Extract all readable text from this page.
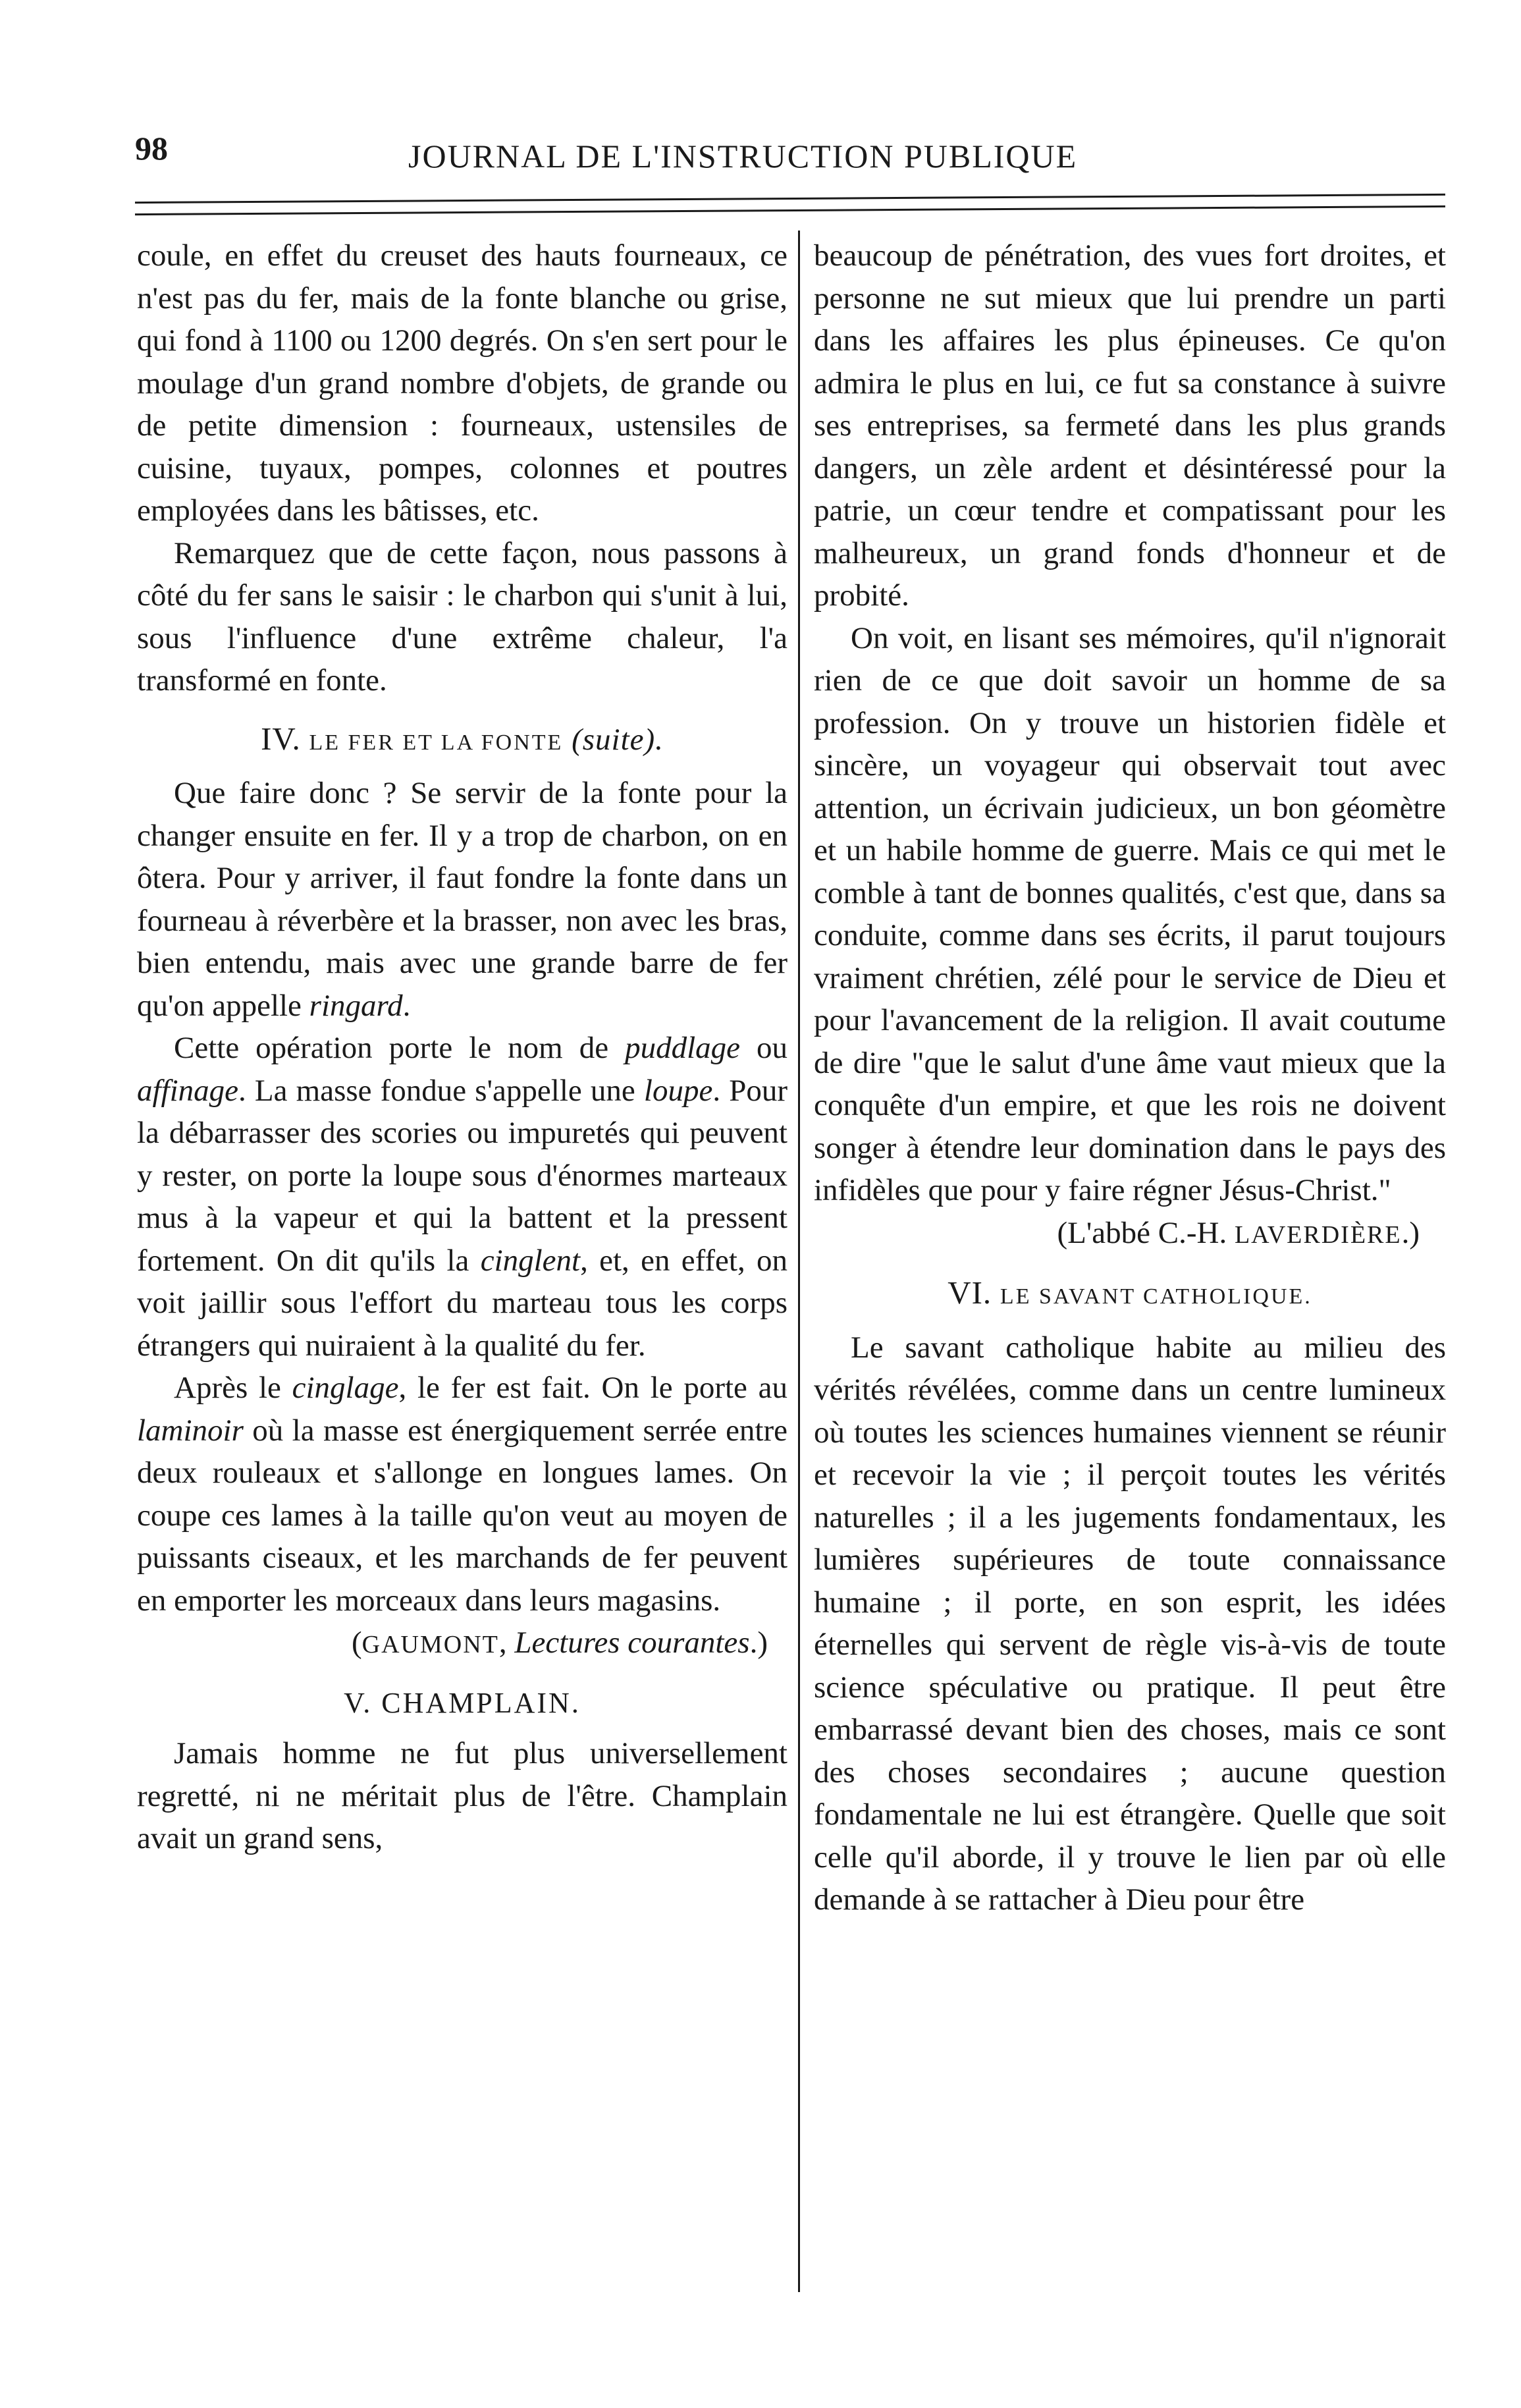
98	JOURNAL DE L'INSTRUCTION PUBLIQUE

coule, en effet du creuset des hauts fourneaux, ce n'est pas du fer, mais de la fonte blanche ou grise, qui fond à 1100 ou 1200 degrés. On s'en sert pour le moulage d'un grand nombre d'objets, de grande ou de petite dimension : fourneaux, ustensiles de cuisine, tuyaux, pompes, colonnes et poutres employées dans les bâtisses, etc.

Remarquez que de cette façon, nous passons à côté du fer sans le saisir : le charbon qui s'unit à lui, sous l'influence d'une extrême chaleur, l'a transformé en fonte.

IV. LE FER ET LA FONTE (suite).

Que faire donc ? Se servir de la fonte pour la changer ensuite en fer. Il y a trop de charbon, on en ôtera. Pour y arriver, il faut fondre la fonte dans un fourneau à réverbère et la brasser, non avec les bras, bien entendu, mais avec une grande barre de fer qu'on appelle ringard.

Cette opération porte le nom de puddlage ou affinage. La masse fondue s'appelle une loupe. Pour la débarrasser des scories ou impuretés qui peuvent y rester, on porte la loupe sous d'énormes marteaux mus à la vapeur et qui la battent et la pressent fortement. On dit qu'ils la cinglent, et, en effet, on voit jaillir sous l'effort du marteau tous les corps étrangers qui nuiraient à la qualité du fer.

Après le cinglage, le fer est fait. On le porte au laminoir où la masse est énergiquement serrée entre deux rouleaux et s'allonge en longues lames. On coupe ces lames à la taille qu'on veut au moyen de puissants ciseaux, et les marchands de fer peuvent en emporter les morceaux dans leurs magasins.

(GAUMONT, Lectures courantes.)

V. CHAMPLAIN.

Jamais homme ne fut plus universellement regretté, ni ne méritait plus de l'être. Champlain avait un grand sens,

beaucoup de pénétration, des vues fort droites, et personne ne sut mieux que lui prendre un parti dans les affaires les plus épineuses. Ce qu'on admira le plus en lui, ce fut sa constance à suivre ses entreprises, sa fermeté dans les plus grands dangers, un zèle ardent et désintéressé pour la patrie, un cœur tendre et compatissant pour les malheureux, un grand fonds d'honneur et de probité.

On voit, en lisant ses mémoires, qu'il n'ignorait rien de ce que doit savoir un homme de sa profession. On y trouve un historien fidèle et sincère, un voyageur qui observait tout avec attention, un écrivain judicieux, un bon géomètre et un habile homme de guerre. Mais ce qui met le comble à tant de bonnes qualités, c'est que, dans sa conduite, comme dans ses écrits, il parut toujours vraiment chrétien, zélé pour le service de Dieu et pour l'avancement de la religion. Il avait coutume de dire "que le salut d'une âme vaut mieux que la conquête d'un empire, et que les rois ne doivent songer à étendre leur domination dans le pays des infidèles que pour y faire régner Jésus-Christ."

(L'abbé C.-H. LAVERDIÈRE.)

VI. LE SAVANT CATHOLIQUE.

Le savant catholique habite au milieu des vérités révélées, comme dans un centre lumineux où toutes les sciences humaines viennent se réunir et recevoir la vie ; il perçoit toutes les vérités naturelles ; il a les jugements fondamentaux, les lumières supérieures de toute connaissance humaine ; il porte, en son esprit, les idées éternelles qui servent de règle vis-à-vis de toute science spéculative ou pratique. Il peut être embarrassé devant bien des choses, mais ce sont des choses secondaires ; aucune question fondamentale ne lui est étrangère. Quelle que soit celle qu'il aborde, il y trouve le lien par où elle demande à se rattacher à Dieu pour être
